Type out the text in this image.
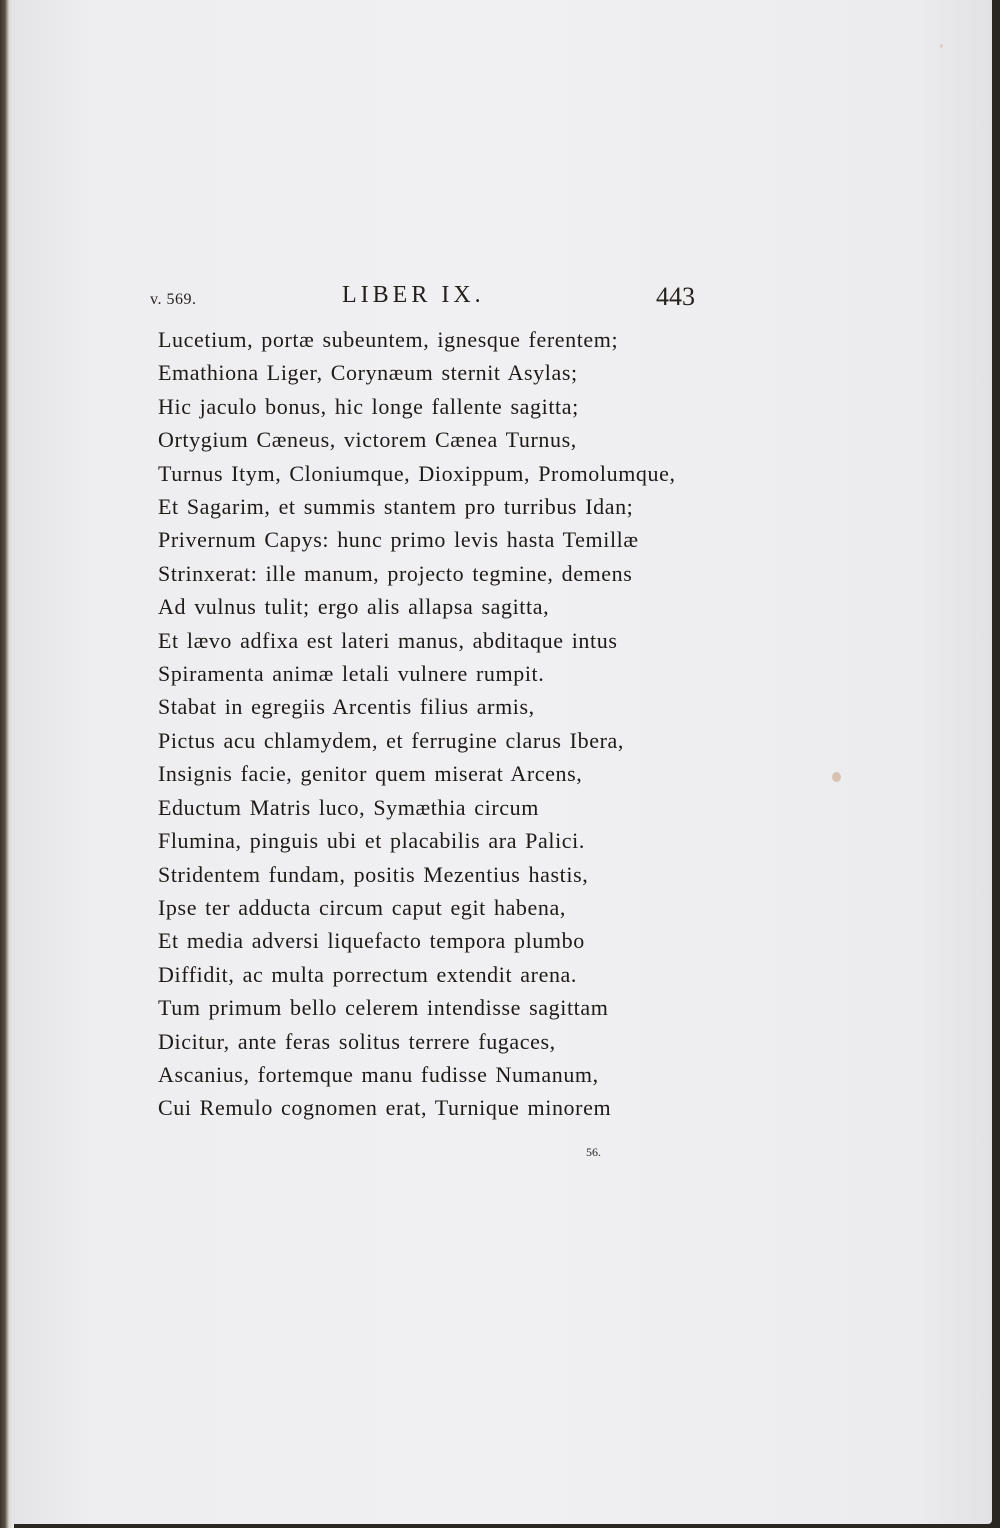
v. 569.	LIBER IX.	443
Lucetium, portæ subeuntem, ignesque ferentem;
Emathiona Liger, Corynæum sternit Asylas;
Hic jaculo bonus, hic longe fallente sagitta;
Ortygium Cæneus, victorem Cænea Turnus,
Turnus Itym, Cloniumque, Dioxippum, Promolumque,
Et Sagarim, et summis stantem pro turribus Idan;
Privernum Capys: hunc primo levis hasta Temillæ
Strinxerat: ille manum, projecto tegmine, demens
Ad vulnus tulit; ergo alis allapsa sagitta,
Et lævo adfixa est lateri manus, abditaque intus
Spiramenta animæ letali vulnere rumpit.
Stabat in egregiis Arcentis filius armis,
Pictus acu chlamydem, et ferrugine clarus Ibera,
Insignis facie, genitor quem miserat Arcens,
Eductum Matris luco, Symæthia circum
Flumina, pinguis ubi et placabilis ara Palici.
Stridentem fundam, positis Mezentius hastis,
Ipse ter adducta circum caput egit habena,
Et media adversi liquefacto tempora plumbo
Diffidit, ac multa porrectum extendit arena.
Tum primum bello celerem intendisse sagittam
Dicitur, ante feras solitus terrere fugaces,
Ascanius, fortemque manu fudisse Numanum,
Cui Remulo cognomen erat, Turnique minorem
56.
